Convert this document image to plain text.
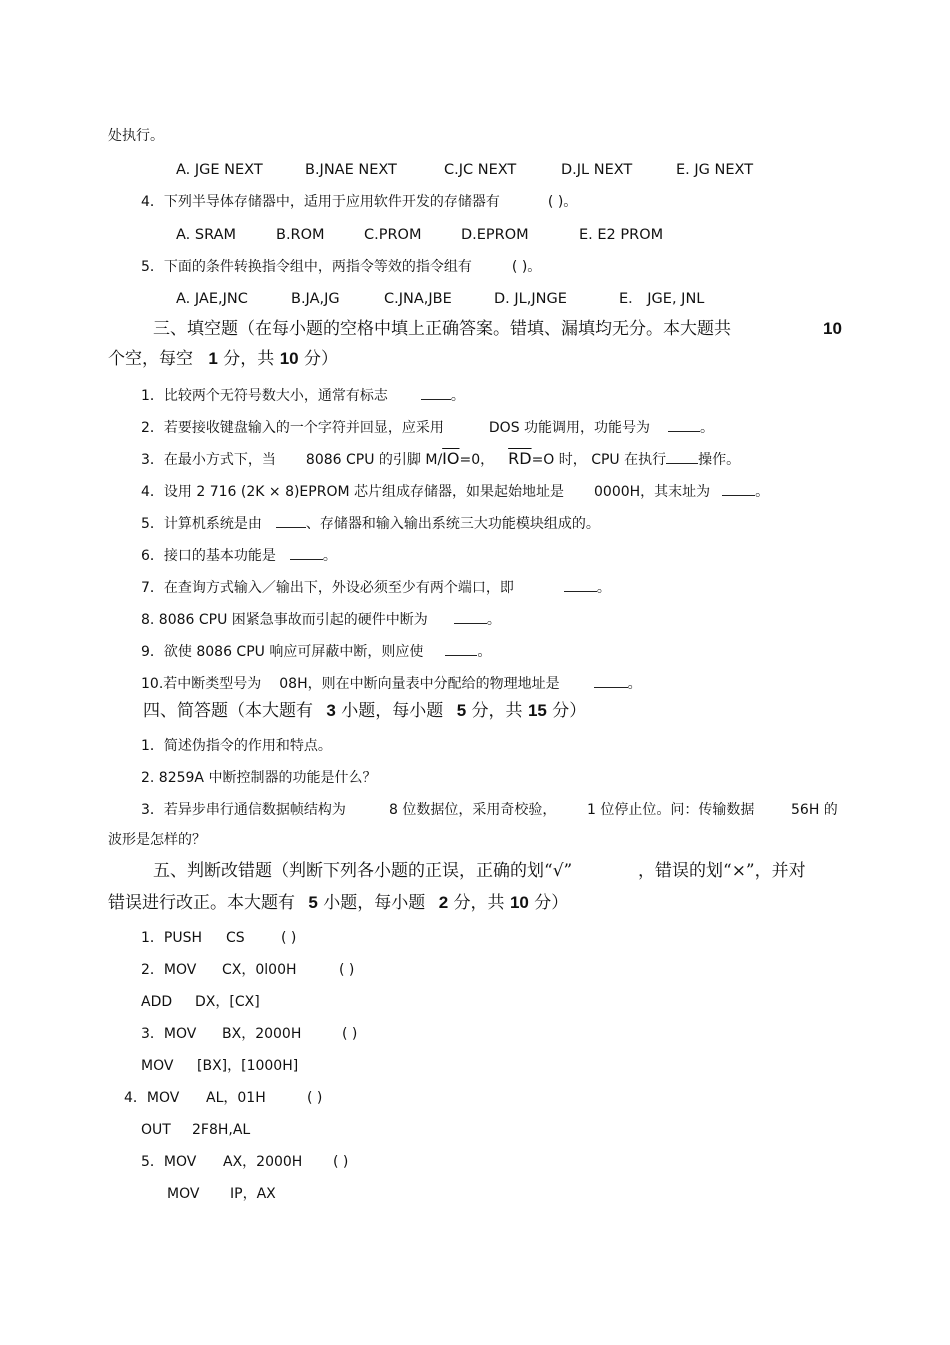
处执行。
A. JGE NEXT	B.JNAE NEXT	C.JC NEXT	D.JL NEXT	E. JG NEXT
4．下列半导体存储器中，适用于应用软件开发的存储器有	( )。
A. SRAM	B.ROM	C.PROM	D.EPROM	E. E2 PROM
5．下面的条件转换指令组中，两指令等效的指令组有	( )。
A. JAE,JNC	B.JA,JG	C.JNA,JBE	D. JL,JNGE	E． JGE, JNL
三、填空题（在每小题的空格中填上正确答案。错填、漏填均无分。本大题共	10
个空，每空 1 分，共 10 分）
1．比较两个无符号数大小，通常有标志	。
2．若要接收键盘输入的一个字符并回显，应采用	DOS 功能调用，功能号为	。
3．在最小方式下，当 8086 CPU 的引脚 $M/\overline{IO}=0$， $\overline{RD}=O$ 时， CPU 在执行 操作。
4．设用 2 716 (2K × 8)EPROM 芯片组成存储器，如果起始地址是 0000H，其末址为	。
5．计算机系统是由	、存储器和输入输出系统三大功能模块组成的。
6．接口的基本功能是	。
7．在查询方式输入／输出下，外设必须至少有两个端口，即	。
8. 8086 CPU 困紧急事故而引起的硬件中断为	。
9．欲使 8086 CPU 响应可屏蔽中断，则应使	。
10.若中断类型号为 08H，则在中断向量表中分配给的物理地址是	。
四、简答题（本大题有 3 小题，每小题 5 分，共 15 分）
1．简述伪指令的作用和特点。
2. 8259A 中断控制器的功能是什么？
3．若异步串行通信数据帧结构为	8 位数据位，采用奇校验， 1 位停止位。问：传输数据	56H 的
波形是怎样的？
五、判断改错题（判断下列各小题的正误，正确的划“√”	，错误的划“×”，并对
错误进行改正。本大题有 5 小题，每小题 2 分，共 10 分）
1．PUSH CS	( )
2．MOV CX，0l00H	( )
ADD DX，[CX]
3．MOV BX，2000H	( )
MOV [BX]，[1000H]
4．MOV AL，01H	( )
OUT 2F8H,AL
5．MOV AX，2000H ( )
MOV IP，AX
